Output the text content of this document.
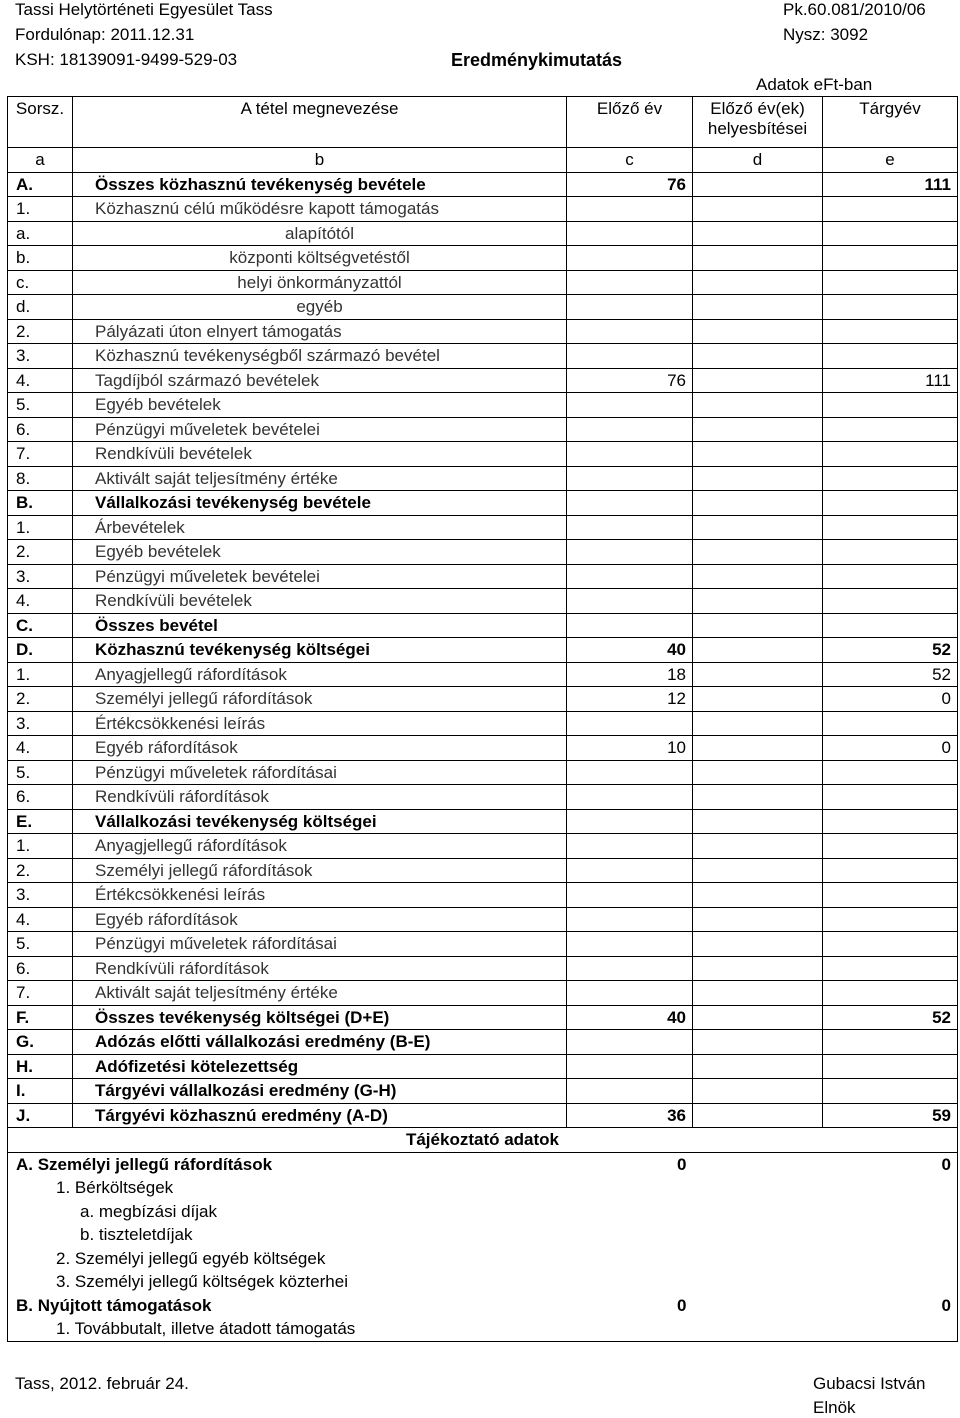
Tassi Helytörténeti Egyesület Tass	Pk.60.081/2010/06
Fordulónap: 2011.12.31	Nysz: 3092
KSH: 18139091-9499-529-03	Eredménykimutatás
Adatok eFt-ban
Sorsz.	A tétel megnevezése	Előző év	Előző év(ek) helyesbítései	Tárgyév
a	b	c	d	e
A.	Összes közhasznú tevékenység bevétele	76		111
1.	Közhasznú célú működésre kapott támogatás			
a.	alapítótól			
b.	központi költségvetéstől			
c.	helyi önkormányzattól			
d.	egyéb			
2.	Pályázati úton elnyert támogatás			
3.	Közhasznú tevékenységből származó bevétel			
4.	Tagdíjból származó bevételek	76		111
5.	Egyéb bevételek			
6.	Pénzügyi műveletek bevételei			
7.	Rendkívüli bevételek			
8.	Aktivált saját teljesítmény értéke			
B.	Vállalkozási tevékenység bevétele			
1.	Árbevételek			
2.	Egyéb bevételek			
3.	Pénzügyi műveletek bevételei			
4.	Rendkívüli bevételek			
C.	Összes bevétel			
D.	Közhasznú tevékenység költségei	40		52
1.	Anyagjellegű ráfordítások	18		52
2.	Személyi jellegű ráfordítások	12		0
3.	Értékcsökkenési leírás			
4.	Egyéb ráfordítások	10		0
5.	Pénzügyi műveletek ráfordításai			
6.	Rendkívüli ráfordítások			
E.	Vállalkozási tevékenység költségei			
1.	Anyagjellegű ráfordítások			
2.	Személyi jellegű ráfordítások			
3.	Értékcsökkenési leírás			
4.	Egyéb ráfordítások			
5.	Pénzügyi műveletek ráfordításai			
6.	Rendkívüli ráfordítások			
7.	Aktivált saját teljesítmény értéke			
F.	Összes tevékenység költségei (D+E)	40		52
G.	Adózás előtti vállalkozási eredmény (B-E)			
H.	Adófizetési kötelezettség			
I.	Tárgyévi vállalkozási eredmény (G-H)			
J.	Tárgyévi közhasznú eredmény (A-D)	36		59
Tájékoztató adatok				
A. Személyi jellegű ráfordítások		0		0
1. Bérköltségek				
a. megbízási díjak				
b. tiszteletdíjak				
2. Személyi jellegű egyéb költségek				
3. Személyi jellegű költségek közterhei				
B. Nyújtott támogatások		0		0
1. Továbbutalt, illetve átadott támogatás				
Tass, 2012. február 24.	Gubacsi István
Elnök
